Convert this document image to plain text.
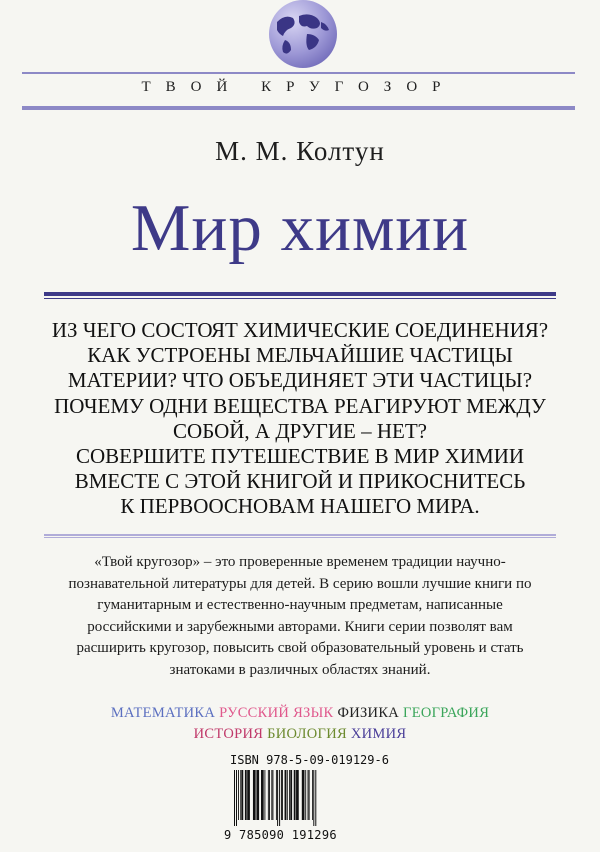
ТВОЙ КРУГОЗОР
М. М. Колтун
Мир химии
ИЗ ЧЕГО СОСТОЯТ ХИМИЧЕСКИЕ СОЕДИНЕНИЯ?
КАК УСТРОЕНЫ МЕЛЬЧАЙШИЕ ЧАСТИЦЫ
МАТЕРИИ? ЧТО ОБЪЕДИНЯЕТ ЭТИ ЧАСТИЦЫ?
ПОЧЕМУ ОДНИ ВЕЩЕСТВА РЕАГИРУЮТ МЕЖДУ
СОБОЙ, А ДРУГИЕ – НЕТ?
СОВЕРШИТЕ ПУТЕШЕСТВИЕ В МИР ХИМИИ
ВМЕСТЕ С ЭТОЙ КНИГОЙ И ПРИКОСНИТЕСЬ
К ПЕРВООСНОВАМ НАШЕГО МИРА.
«Твой кругозор» – это проверенные временем традиции научно-
познавательной литературы для детей. В серию вошли лучшие книги по
гуманитарным и естественно-научным предметам, написанные
российскими и зарубежными авторами. Книги серии позволят вам
расширить кругозор, повысить свой образовательный уровень и стать
знатоками в различных областях знаний.
МАТЕМАТИКА РУССКИЙ ЯЗЫК ФИЗИКА ГЕОГРАФИЯ
ИСТОРИЯ БИОЛОГИЯ ХИМИЯ
ISBN 978-5-09-019129-6
9 785090 191296
